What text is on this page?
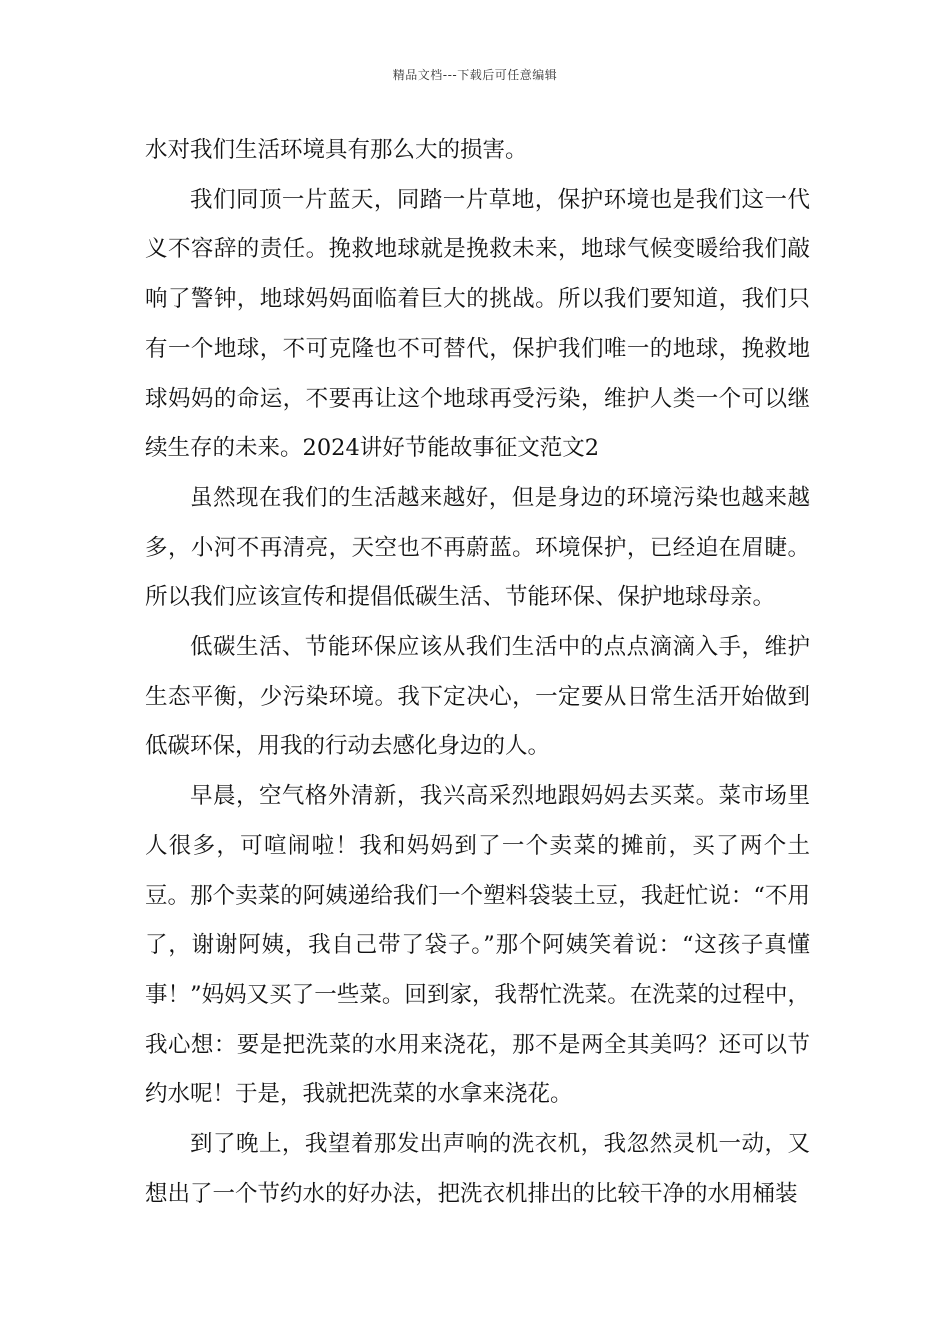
精品文档---下载后可任意编辑

水对我们生活环境具有那么大的损害。

我们同顶一片蓝天，同踏一片草地，保护环境也是我们这一代义不容辞的责任。挽救地球就是挽救未来，地球气候变暖给我们敲响了警钟，地球妈妈面临着巨大的挑战。所以我们要知道，我们只有一个地球，不可克隆也不可替代，保护我们唯一的地球，挽救地球妈妈的命运，不要再让这个地球再受污染，维护人类一个可以继续生存的未来。2024讲好节能故事征文范文2

虽然现在我们的生活越来越好，但是身边的环境污染也越来越多，小河不再清亮，天空也不再蔚蓝。环境保护，已经迫在眉睫。所以我们应该宣传和提倡低碳生活、节能环保、保护地球母亲。

低碳生活、节能环保应该从我们生活中的点点滴滴入手，维护生态平衡，少污染环境。我下定决心，一定要从日常生活开始做到低碳环保，用我的行动去感化身边的人。

早晨，空气格外清新，我兴高采烈地跟妈妈去买菜。菜市场里人很多，可喧闹啦！我和妈妈到了一个卖菜的摊前，买了两个土豆。那个卖菜的阿姨递给我们一个塑料袋装土豆，我赶忙说：“不用了，谢谢阿姨，我自己带了袋子。”那个阿姨笑着说：“这孩子真懂事！”妈妈又买了一些菜。回到家，我帮忙洗菜。在洗菜的过程中，我心想：要是把洗菜的水用来浇花，那不是两全其美吗？还可以节约水呢！于是，我就把洗菜的水拿来浇花。

到了晚上，我望着那发出声响的洗衣机，我忽然灵机一动，又想出了一个节约水的好办法，把洗衣机排出的比较干净的水用桶装
